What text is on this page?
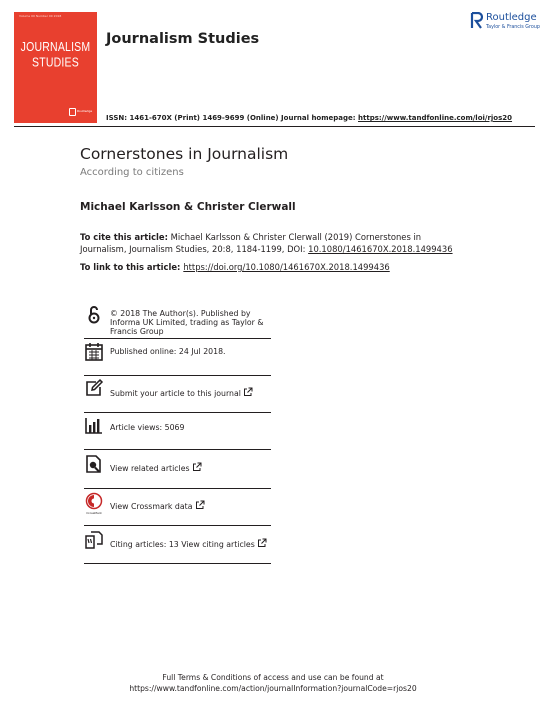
Volume 00 Number 00 2018
JOURNALISM
STUDIES
Routledge
Journalism Studies
Routledge
Taylor & Francis Group
ISSN: 1461-670X (Print) 1469-9699 (Online) Journal homepage: https://www.tandfonline.com/loi/rjos20
Cornerstones in Journalism
According to citizens
Michael Karlsson & Christer Clerwall
To cite this article: Michael Karlsson & Christer Clerwall (2019) Cornerstones in Journalism, Journalism Studies, 20:8, 1184-1199, DOI: 10.1080/1461670X.2018.1499436
To link to this article: https://doi.org/10.1080/1461670X.2018.1499436
© 2018 The Author(s). Published by Informa UK Limited, trading as Taylor & Francis Group
Published online: 24 Jul 2018.
Submit your article to this journal
Article views: 5069
View related articles
CrossMark
View Crossmark data
Citing articles: 13 View citing articles
Full Terms & Conditions of access and use can be found at
https://www.tandfonline.com/action/journalInformation?journalCode=rjos20
